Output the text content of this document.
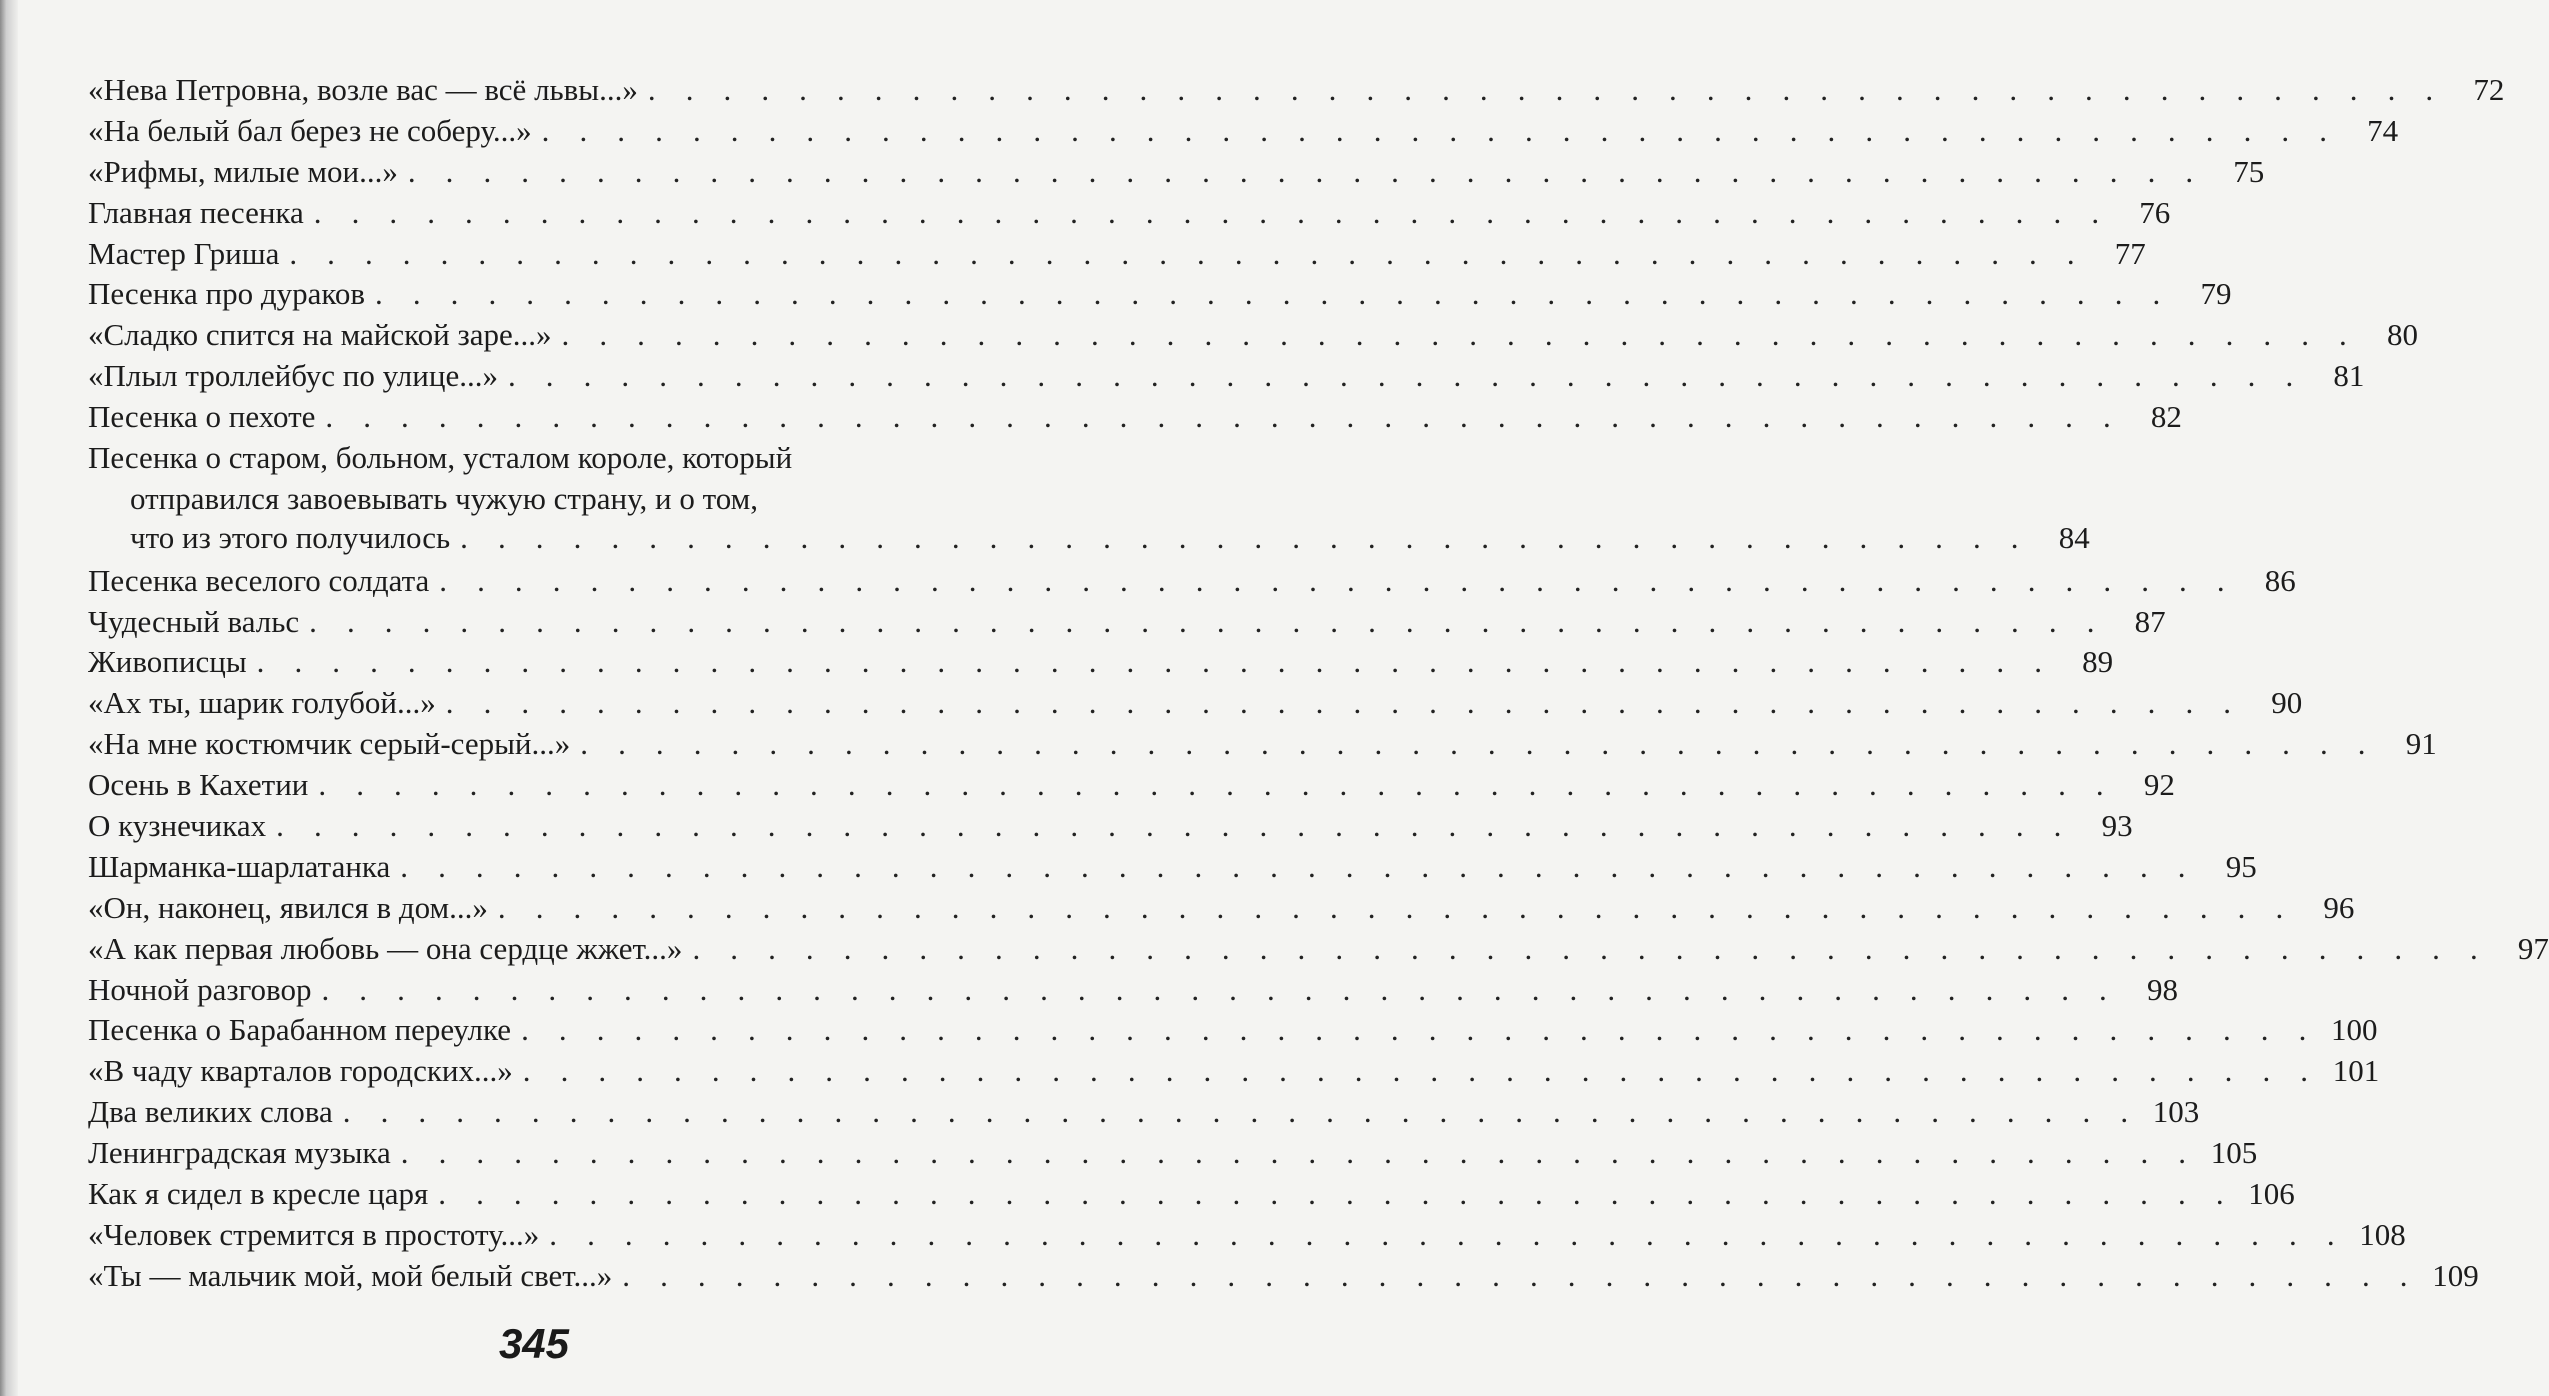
«Нева Петровна, возле вас — всё львы...» . . . . . . . . . . . . . . . . . . . . . . . . . . . . . . . . . . . . . . . . . . . . . . . . 72
«На белый бал берез не соберу...» . . . . . . . . . . . . . . . . . . . . . . . . . . . . . . . . . . . . . . . . . . . . . . . . 74
«Рифмы, милые мои...» . . . . . . . . . . . . . . . . . . . . . . . . . . . . . . . . . . . . . . . . . . . . . . . . 75
Главная песенка . . . . . . . . . . . . . . . . . . . . . . . . . . . . . . . . . . . . . . . . . . . . . . . . 76
Мастер Гриша . . . . . . . . . . . . . . . . . . . . . . . . . . . . . . . . . . . . . . . . . . . . . . . . 77
Песенка про дураков . . . . . . . . . . . . . . . . . . . . . . . . . . . . . . . . . . . . . . . . . . . . . . . . 79
«Сладко спится на майской заре...» . . . . . . . . . . . . . . . . . . . . . . . . . . . . . . . . . . . . . . . . . . . . . . . . 80
«Плыл троллейбус по улице...» . . . . . . . . . . . . . . . . . . . . . . . . . . . . . . . . . . . . . . . . . . . . . . . . 81
Песенка о пехоте . . . . . . . . . . . . . . . . . . . . . . . . . . . . . . . . . . . . . . . . . . . . . . . . 82
Песенка о старом, больном, усталом короле, который
отправился завоевывать чужую страну, и о том,
что из этого получилось . . . . . . . . . . . . . . . . . . . . . . . . . . . . . . . . . . . . . . . . . . 84
Песенка веселого солдата . . . . . . . . . . . . . . . . . . . . . . . . . . . . . . . . . . . . . . . . . . . . . . . . 86
Чудесный вальс . . . . . . . . . . . . . . . . . . . . . . . . . . . . . . . . . . . . . . . . . . . . . . . . 87
Живописцы . . . . . . . . . . . . . . . . . . . . . . . . . . . . . . . . . . . . . . . . . . . . . . . . 89
«Ах ты, шарик голубой...» . . . . . . . . . . . . . . . . . . . . . . . . . . . . . . . . . . . . . . . . . . . . . . . . 90
«На мне костюмчик серый-серый...» . . . . . . . . . . . . . . . . . . . . . . . . . . . . . . . . . . . . . . . . . . . . . . . . 91
Осень в Кахетии . . . . . . . . . . . . . . . . . . . . . . . . . . . . . . . . . . . . . . . . . . . . . . . . 92
О кузнечиках . . . . . . . . . . . . . . . . . . . . . . . . . . . . . . . . . . . . . . . . . . . . . . . . 93
Шарманка-шарлатанка . . . . . . . . . . . . . . . . . . . . . . . . . . . . . . . . . . . . . . . . . . . . . . . . 95
«Он, наконец, явился в дом...» . . . . . . . . . . . . . . . . . . . . . . . . . . . . . . . . . . . . . . . . . . . . . . . . 96
«А как первая любовь — она сердце жжет...» . . . . . . . . . . . . . . . . . . . . . . . . . . . . . . . . . . . . . . . . . . . . . . . . 97
Ночной разговор . . . . . . . . . . . . . . . . . . . . . . . . . . . . . . . . . . . . . . . . . . . . . . . . 98
Песенка о Барабанном переулке . . . . . . . . . . . . . . . . . . . . . . . . . . . . . . . . . . . . . . . . . . . . . . . . 100
«В чаду кварталов городских...» . . . . . . . . . . . . . . . . . . . . . . . . . . . . . . . . . . . . . . . . . . . . . . . . 101
Два великих слова . . . . . . . . . . . . . . . . . . . . . . . . . . . . . . . . . . . . . . . . . . . . . . . . 103
Ленинградская музыка . . . . . . . . . . . . . . . . . . . . . . . . . . . . . . . . . . . . . . . . . . . . . . . . 105
Как я сидел в кресле царя . . . . . . . . . . . . . . . . . . . . . . . . . . . . . . . . . . . . . . . . . . . . . . . . 106
«Человек стремится в простоту...» . . . . . . . . . . . . . . . . . . . . . . . . . . . . . . . . . . . . . . . . . . . . . . . . 108
«Ты — мальчик мой, мой белый свет...» . . . . . . . . . . . . . . . . . . . . . . . . . . . . . . . . . . . . . . . . . . . . . . . . 109
345
